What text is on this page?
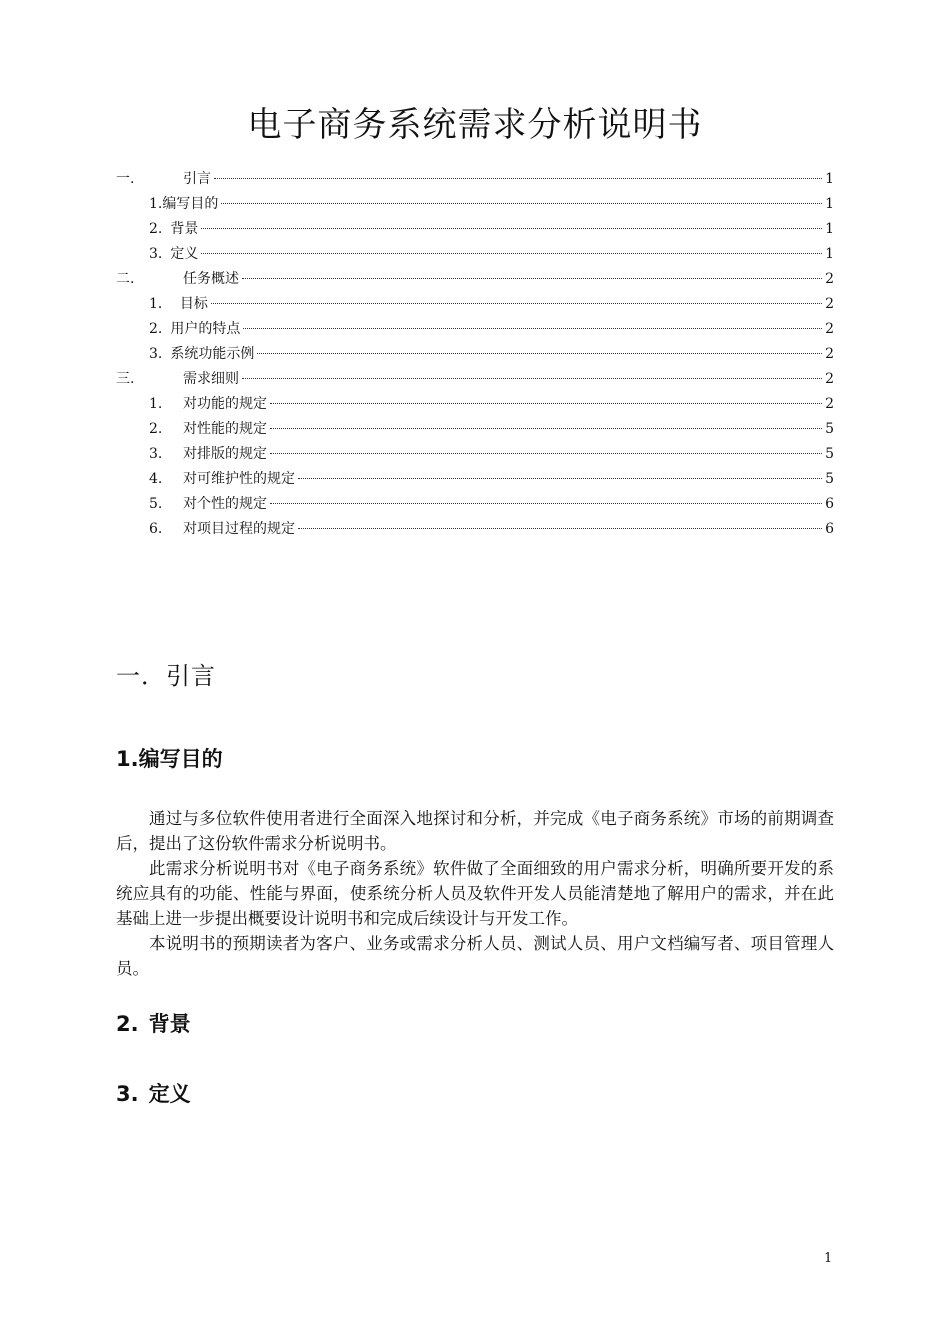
电子商务系统需求分析说明书
一.	引言	1
1. 编写目的	1
2. 背景	1
3. 定义	1
二.	任务概述	2
1． 目标	2
2. 用户的特点	2
3. 系统功能示例	2
三.	需求细则	2
1.	对功能的规定	2
2.	对性能的规定	5
3.	对排版的规定	5
4.	对可维护性的规定	5
5.	对个性的规定	6
6.	对项目过程的规定	6
一．引言
1.编写目的

通过与多位软件使用者进行全面深入地探讨和分析，并完成《电子商务系统》市场的前期调查后，提出了这份软件需求分析说明书。

此需求分析说明书对《电子商务系统》软件做了全面细致的用户需求分析，明确所要开发的系统应具有的功能、性能与界面，使系统分析人员及软件开发人员能清楚地了解用户的需求，并在此基础上进一步提出概要设计说明书和完成后续设计与开发工作。

本说明书的预期读者为客户、业务或需求分析人员、测试人员、用户文档编写者、项目管理人员。

2. 背景
3. 定义
1
